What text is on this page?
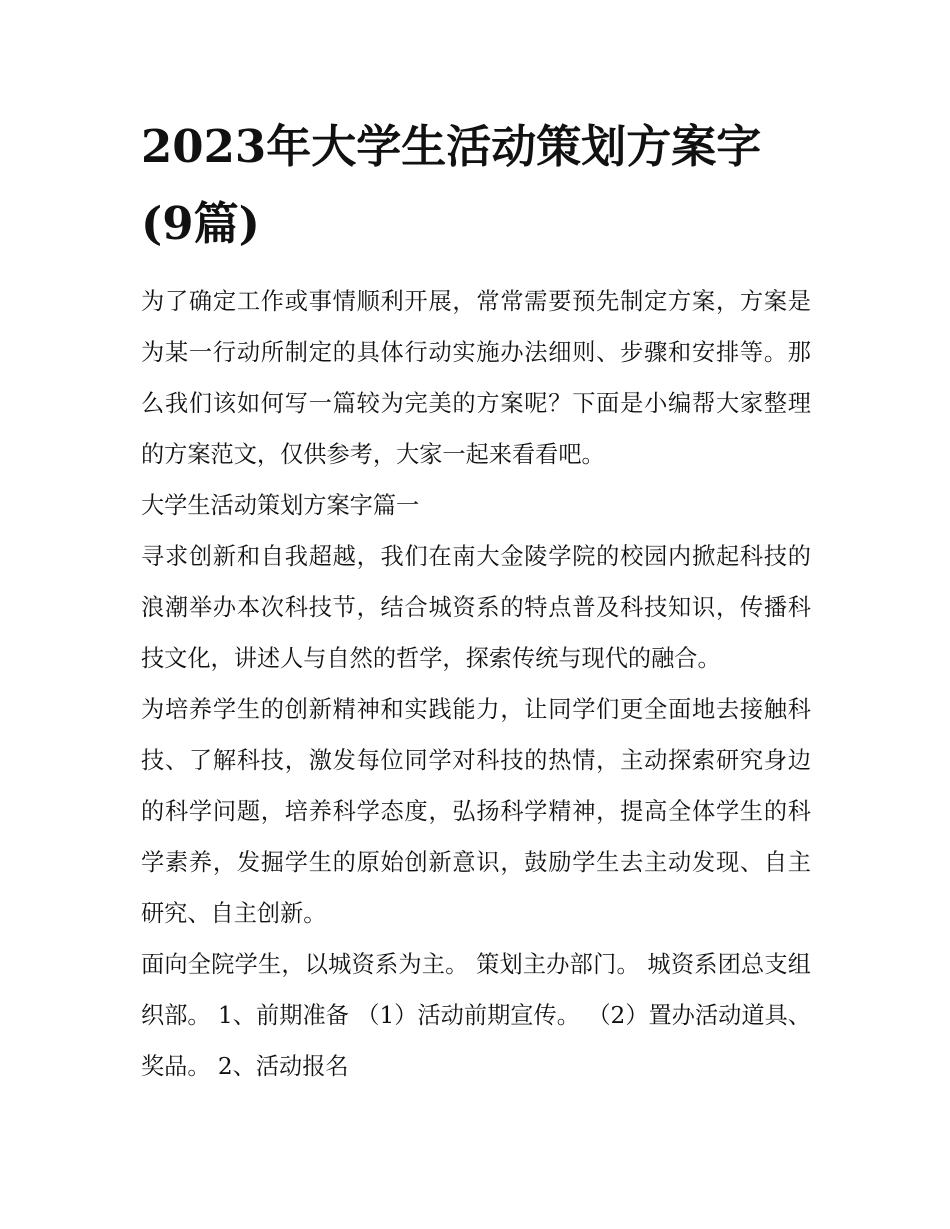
2023年大学生活动策划方案字(9篇)

为了确定工作或事情顺利开展，常常需要预先制定方案，方案是为某一行动所制定的具体行动实施办法细则、步骤和安排等。那么我们该如何写一篇较为完美的方案呢？下面是小编帮大家整理的方案范文，仅供参考，大家一起来看看吧。

大学生活动策划方案字篇一

寻求创新和自我超越，我们在南大金陵学院的校园内掀起科技的浪潮举办本次科技节，结合城资系的特点普及科技知识，传播科技文化，讲述人与自然的哲学，探索传统与现代的融合。

为培养学生的创新精神和实践能力，让同学们更全面地去接触科技、了解科技，激发每位同学对科技的热情，主动探索研究身边的科学问题，培养科学态度，弘扬科学精神，提高全体学生的科学素养，发掘学生的原始创新意识，鼓励学生去主动发现、自主研究、自主创新。

面向全院学生，以城资系为主。 策划主办部门。 城资系团总支组织部。 1、前期准备 （1）活动前期宣传。 （2）置办活动道具、奖品。 2、活动报名
